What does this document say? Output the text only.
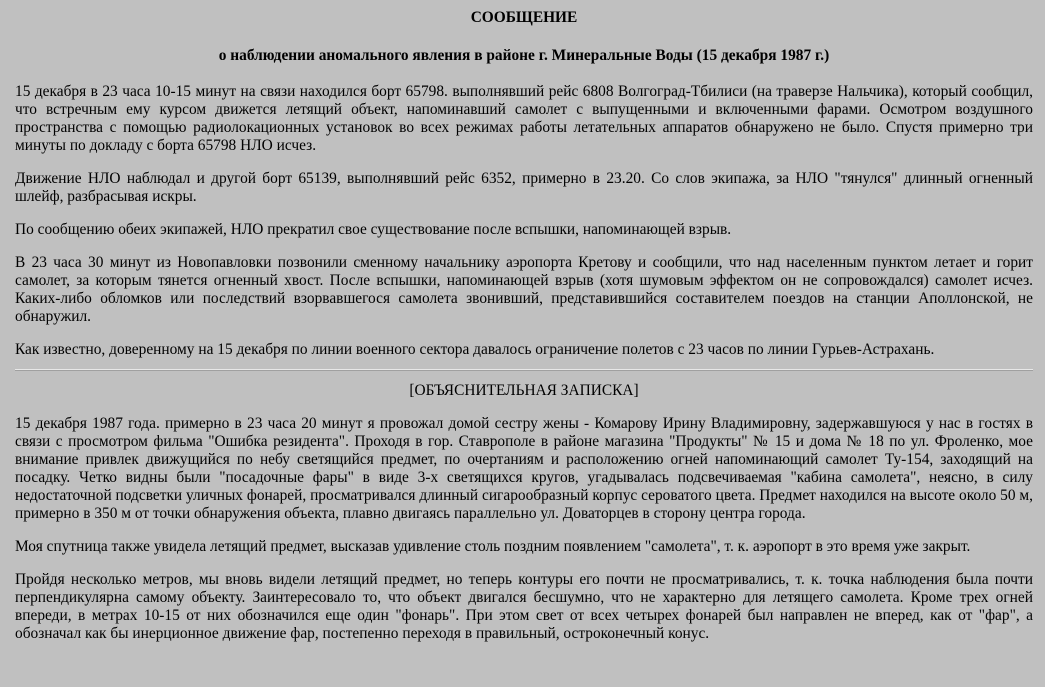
СООБЩЕНИЕ
о наблюдении аномального явления в районе г. Минеральные Воды (15 декабря 1987 г.)

15 декабря в 23 часа 10-15 минут на связи находился борт 65798. выполнявший рейс 6808 Волгоград-Тбилиси (на траверзе Нальчика), который сообщил, что встречным ему курсом движется летящий объект, напоминавший самолет с выпущенными и включенными фарами. Осмотром воздушного пространства с помощью радиолокационных установок во всех режимах работы летательных аппаратов обнаружено не было. Спустя примерно три минуты по докладу с борта 65798 НЛО исчез.

Движение НЛО наблюдал и другой борт 65139, выполнявший рейс 6352, примерно в 23.20. Со слов экипажа, за НЛО "тянулся" длинный огненный шлейф, разбрасывая искры.

По сообщению обеих экипажей, НЛО прекратил свое существование после вспышки, напоминающей взрыв.

В 23 часа 30 минут из Новопавловки позвонили сменному начальнику аэропорта Кретову и сообщили, что над населенным пунктом летает и горит самолет, за которым тянется огненный хвост. После вспышки, напоминающей взрыв (хотя шумовым эффектом он не сопровождался) самолет исчез. Каких-либо обломков или последствий взорвавшегося самолета звонивший, представившийся составителем поездов на станции Аполлонской, не обнаружил.

Как известно, доверенному на 15 декабря по линии военного сектора давалось ограничение полетов с 23 часов по линии Гурьев-Астрахань.

[ОБЪЯСНИТЕЛЬНАЯ ЗАПИСКА]

15 декабря 1987 года. примерно в 23 часа 20 минут я провожал домой сестру жены - Комарову Ирину Владимировну, задержавшуюся у нас в гостях в связи с просмотром фильма "Ошибка резидента". Проходя в гор. Ставрополе в районе магазина "Продукты" № 15 и дома № 18 по ул. Фроленко, мое внимание привлек движущийся по небу светящийся предмет, по очертаниям и расположению огней напоминающий самолет Ту-154, заходящий на посадку. Четко видны были "посадочные фары" в виде 3-х светящихся кругов, угадывалась подсвечиваемая "кабина самолета", неясно, в силу недостаточной подсветки уличных фонарей, просматривался длинный сигарообразный корпус сероватого цвета. Предмет находился на высоте около 50 м, примерно в 350 м от точки обнаружения объекта, плавно двигаясь параллельно ул. Доваторцев в сторону центра города.

Моя спутница также увидела летящий предмет, высказав удивление столь поздним появлением "самолета", т. к. аэропорт в это время уже закрыт.

Пройдя несколько метров, мы вновь видели летящий предмет, но теперь контуры его почти не просматривались, т. к. точка наблюдения была почти перпендикулярна самому объекту. Заинтересовало то, что объект двигался бесшумно, что не характерно для летящего самолета. Кроме трех огней впереди, в метрах 10-15 от них обозначился еще один "фонарь". При этом свет от всех четырех фонарей был направлен не вперед, как от "фар", а обозначал как бы инерционное движение фар, постепенно переходя в правильный, остроконечный конус.
